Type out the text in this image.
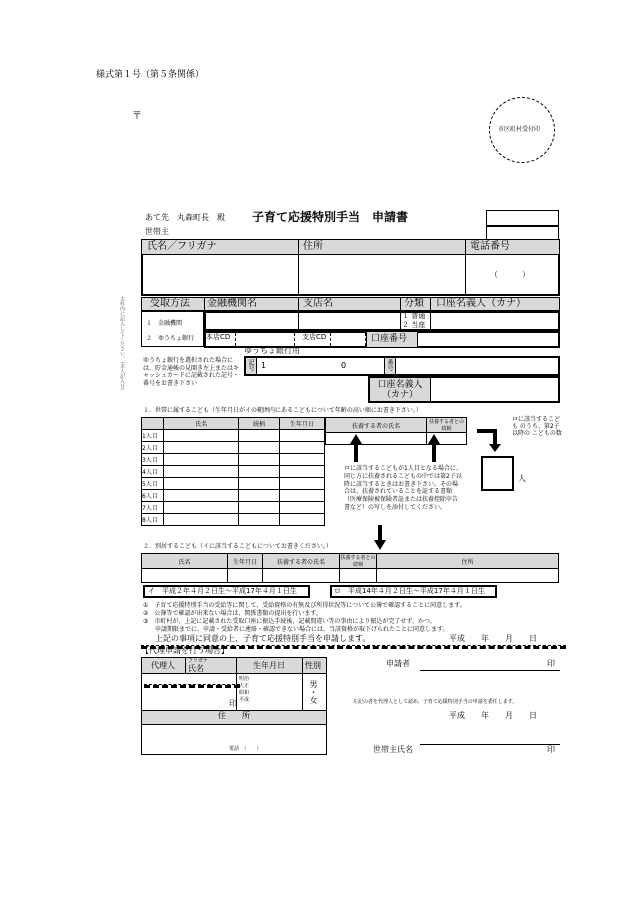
様式第１号（第５条関係）
〒
市区町村受付印
あて先　丸森町長　殿 子育て応援特別手当　申請書
世帯主
氏名／フリガナ	住所	電話番号
（　　　）
太枠内に記入してください。（本人記入分）	受取方法 金融機関名	支店名	分類 口座名義人（カナ）
１　金融機関
２　ゆうちょ銀行
１ 普通
２ 当座
本店CD	支店CD	口座番号
ゆうちょ銀行用
ゆうちょ銀行を選択された場合には、貯金通帳の見開き左上またはキャッシュカードに記載された記号・番号をお書き下さい
記号 1	0	番号
口座名義人（カナ）
１．世帯に属するこども（生年月日がイの範囲内にあるこどもについて年齢の高い順にお書き下さい。）
	氏名	続柄	生年月日
1人目			
2人目			
3人目			
4人目			
5人目			
6人目			
7人目			
8人目			
扶養する者の氏名	扶養する者との続柄

ロに該当するこどもが1人目となる場合に、同じ方に扶養されるこどもの中では第2子以降に該当するときはお書き下さい。その場合は、扶養されていることを証する書類（医療保険被保険者証または扶養控除申告書など）の写しを添付してください。
ロに該当するこども のうち、第2子以降の こどもの数
人
２．別居するこども（イに該当するこどもについてお書きください。）
氏名	生年月日	扶養する者の氏名	扶養する者との続柄	住所

イ　平成２年４月２日生～平成17年４月１日生	ロ　平成14年４月２日生～平成17年４月１日生
①　子育て応援特別手当の受給等に関して、受給資格の有無及び所得状況等について公簿で確認することに同意します。
②　公簿等で確認が出来ない場合は、関係書類の提出を行います。
③　市町村が、上記に記載された受取口座に振込手続後、記載間違い等の事由により振込が完了せず、かつ、
　　申請期限までに、申請・受給者に連絡・確認できない場合には、当該資格が取下げられたことに同意します。
上記の事項に同意の上、子育て応援特別手当を申請します。	平成　　年　　月　　日
申請者	印
【代理申請を行う場合】
代理人	フリガナ
氏名	生年月日	性別
印
明治
大正
昭和
平成	男・女
住　　所
電話　（　　）
左記の者を代理人として認め、子育て応援特別手当の申請を委任します。
平成　　年　　月　　日
世帯主氏名	印
